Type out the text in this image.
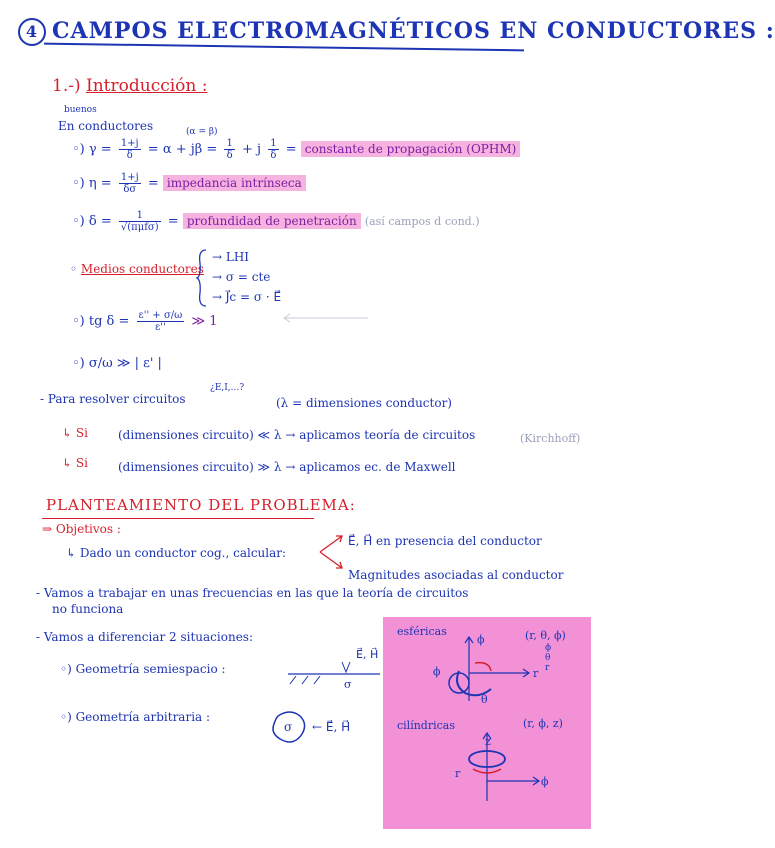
4 CAMPOS ELECTROMAGNÉTICOS EN CONDUCTORES :
1.-) Introducción :
buenos
En conductores	(α = β)
◦) $\gamma = \frac{1+j}{\delta} = \alpha + j\beta = \frac{1}{\delta} + j \frac{1}{\delta}$ = constante de propagación (OPHM)
◦) $\eta = \frac{1+j}{\delta\sigma}$ = impedancia intrínseca
◦) $\delta = \frac{1}{\text{√(πμfσ)}}$ = profundidad de penetración (así campos d cond.)
◦ Medios conductores
→ LHI
→ σ = cte
→ J⃗c = σ · E⃗
◦) tg $\delta = \frac{\varepsilon'' + \sigma/\omega}{\varepsilon''}$ ≫ 1
◦) σ/ω ≫ | ε' |
- Para resolver circuitos
¿E,I,...?
(λ = dimensiones conductor)
↳ Si	(dimensiones circuito) ≪ λ → aplicamos teoría de circuitos	(Kirchhoff)
↳ Si	(dimensiones circuito) ≫ λ → aplicamos ec. de Maxwell
PLANTEAMIENTO DEL PROBLEMA:
⇒ Objetivos :
↳ Dado un conductor cog., calcular:
E⃗, H⃗ en presencia del conductor
Magnitudes asociadas al conductor
- Vamos a trabajar en unas frecuencias en las que la teoría de circuitos
no funciona
- Vamos a diferenciar 2 situaciones:
◦) Geometría semiespacio :
E⃗, H⃗
σ
◦) Geometría arbitraria :
σ ← E⃗, H⃗
esféricas	(r, θ, ϕ)
ϕ
θ
r
ϕ
ϕ
θ
r
cilíndricas	(r, ϕ, z)
z
r
ϕ
